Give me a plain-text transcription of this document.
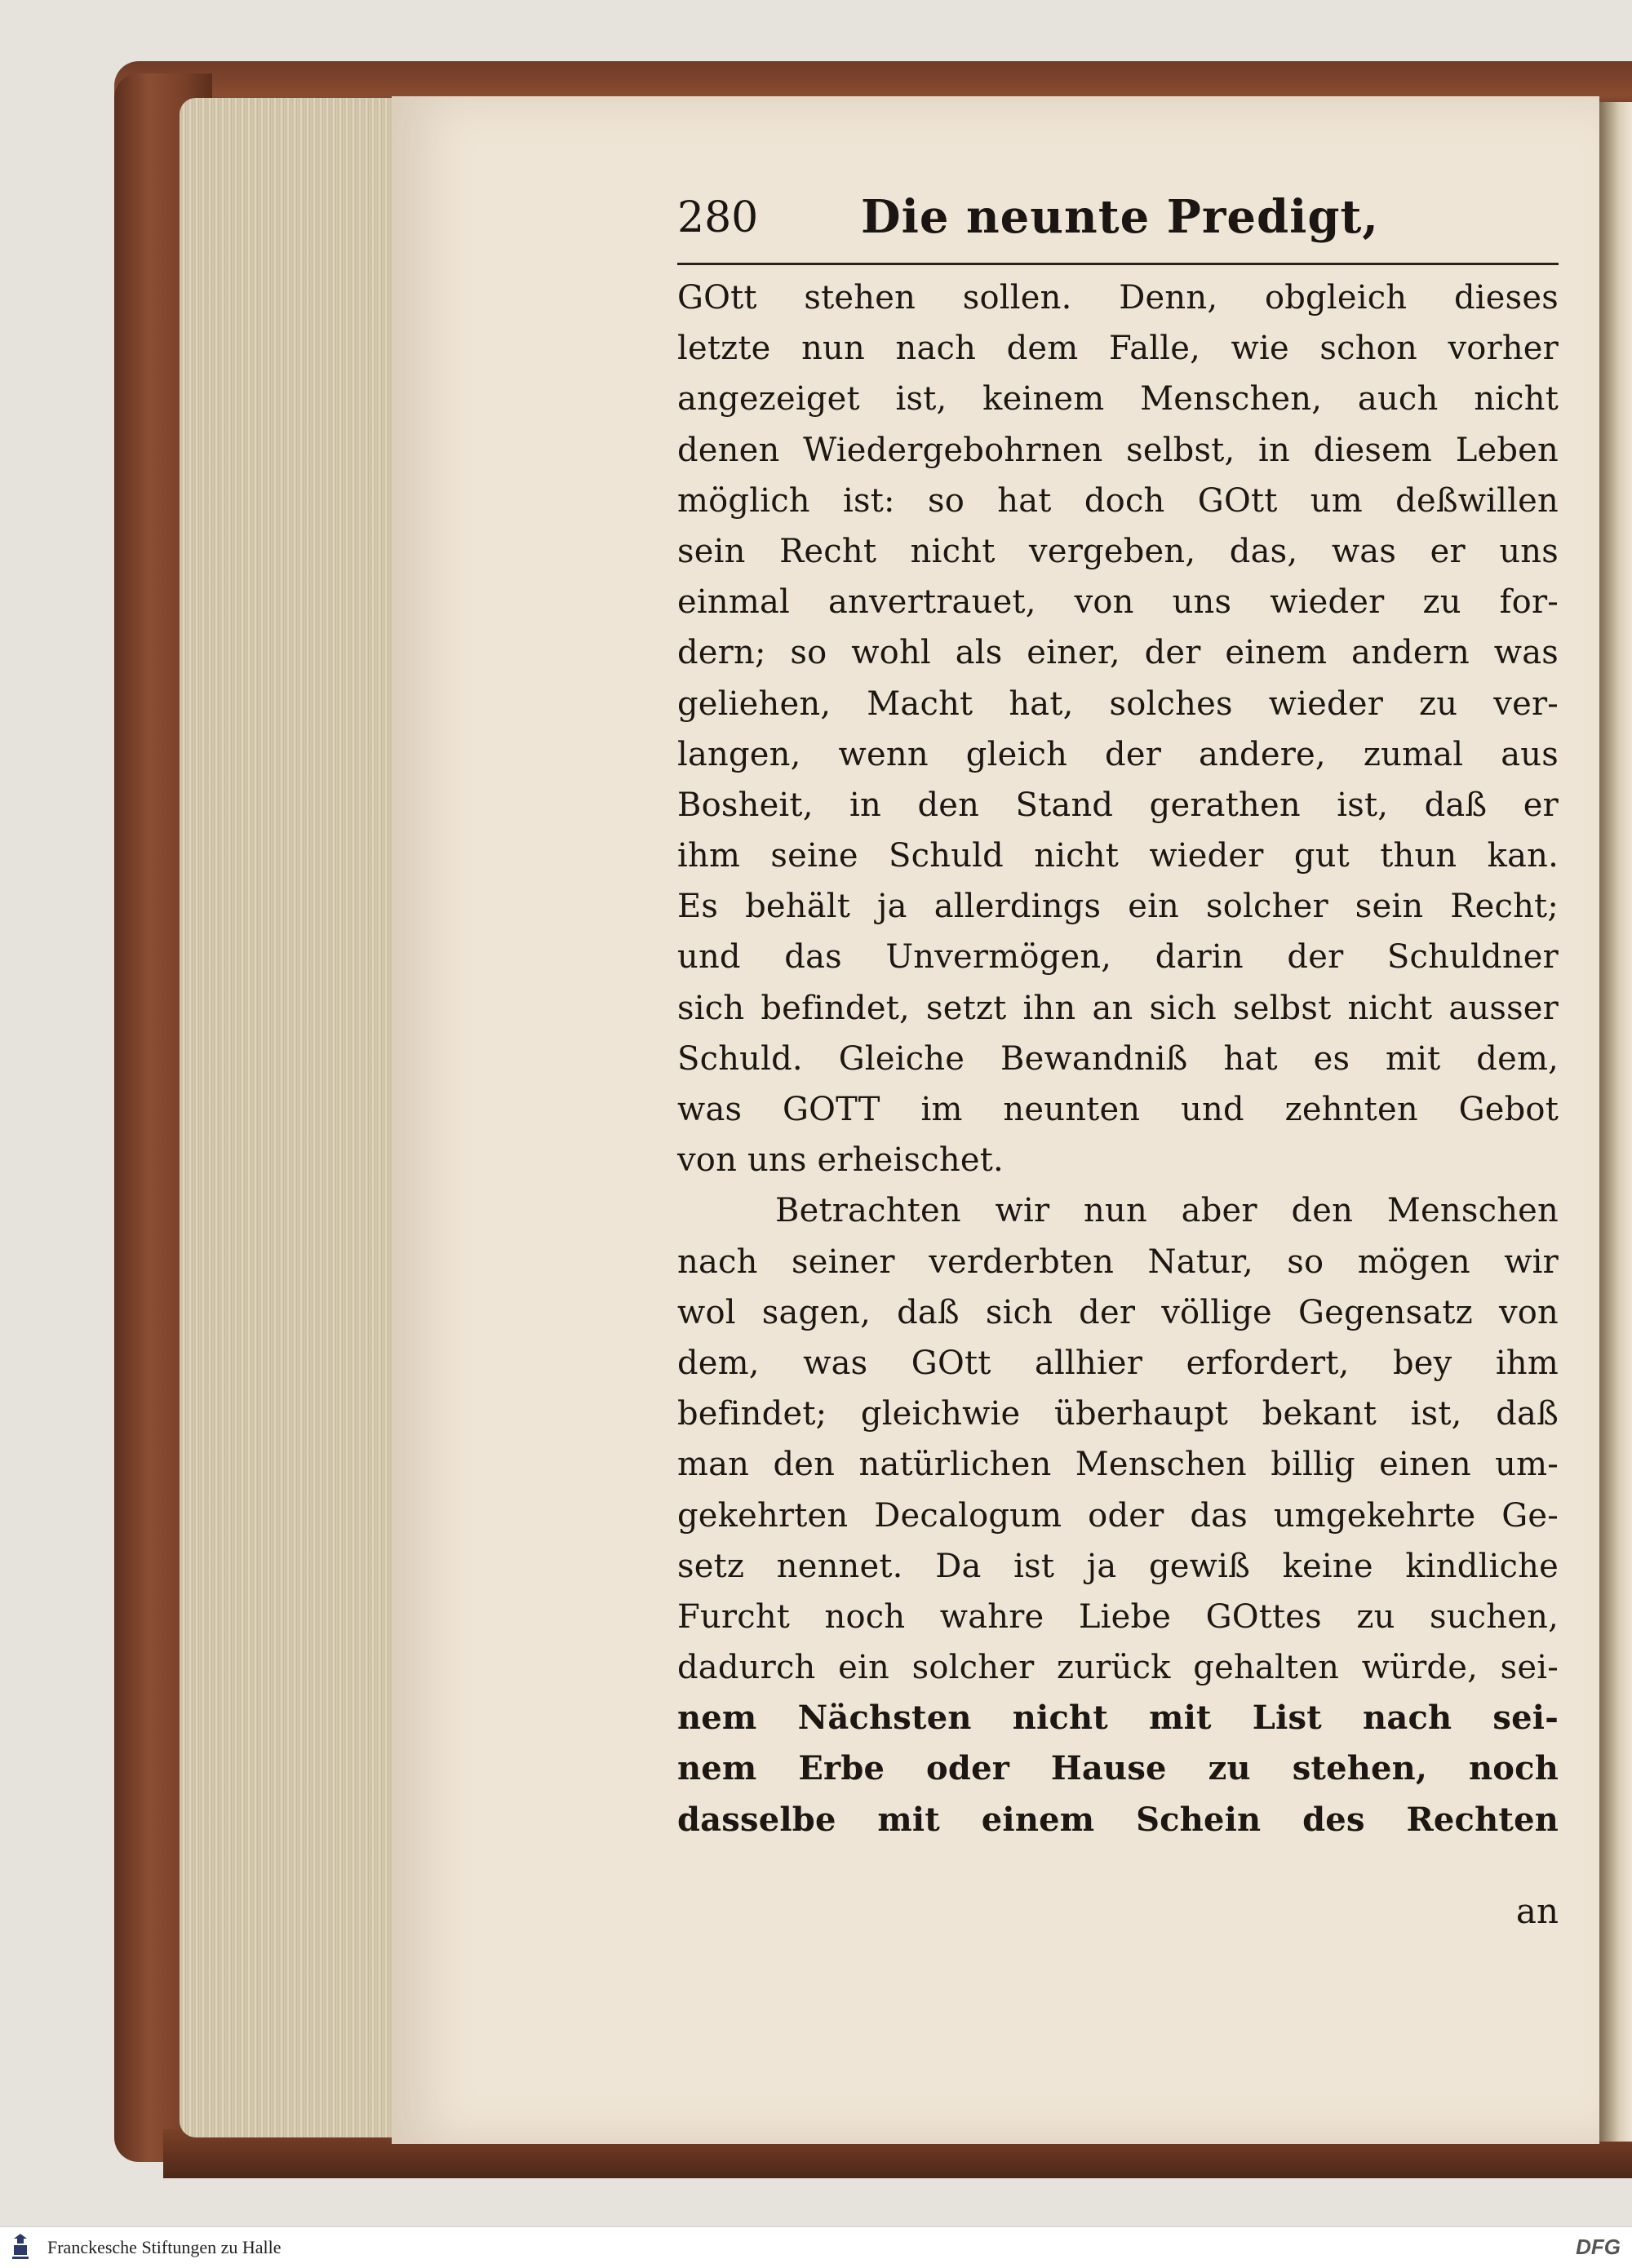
280 Die neunte Predigt,
GOtt stehen sollen. Denn, obgleich dieses
letzte nun nach dem Falle, wie schon vorher
angezeiget ist, keinem Menschen, auch nicht
denen Wiedergebohrnen selbst, in diesem Leben
möglich ist: so hat doch GOtt um deßwillen
sein Recht nicht vergeben, das, was er uns
einmal anvertrauet, von uns wieder zu for-
dern; so wohl als einer, der einem andern was
geliehen, Macht hat, solches wieder zu ver-
langen, wenn gleich der andere, zumal aus
Bosheit, in den Stand gerathen ist, daß er
ihm seine Schuld nicht wieder gut thun kan.
Es behält ja allerdings ein solcher sein Recht;
und das Unvermögen, darin der Schuldner
sich befindet, setzt ihn an sich selbst nicht ausser
Schuld. Gleiche Bewandniß hat es mit dem,
was GOTT im neunten und zehnten Gebot
von uns erheischet.
Betrachten wir nun aber den Menschen
nach seiner verderbten Natur, so mögen wir
wol sagen, daß sich der völlige Gegensatz von
dem, was GOtt allhier erfordert, bey ihm
befindet; gleichwie überhaupt bekant ist, daß
man den natürlichen Menschen billig einen um-
gekehrten Decalogum oder das umgekehrte Ge-
setz nennet. Da ist ja gewiß keine kindliche
Furcht noch wahre Liebe GOttes zu suchen,
dadurch ein solcher zurück gehalten würde, sei-
nem Nächsten nicht mit List nach sei-
nem Erbe oder Hause zu stehen, noch
dasselbe mit einem Schein des Rechten
an
Franckesche Stiftungen zu Halle	DFG
